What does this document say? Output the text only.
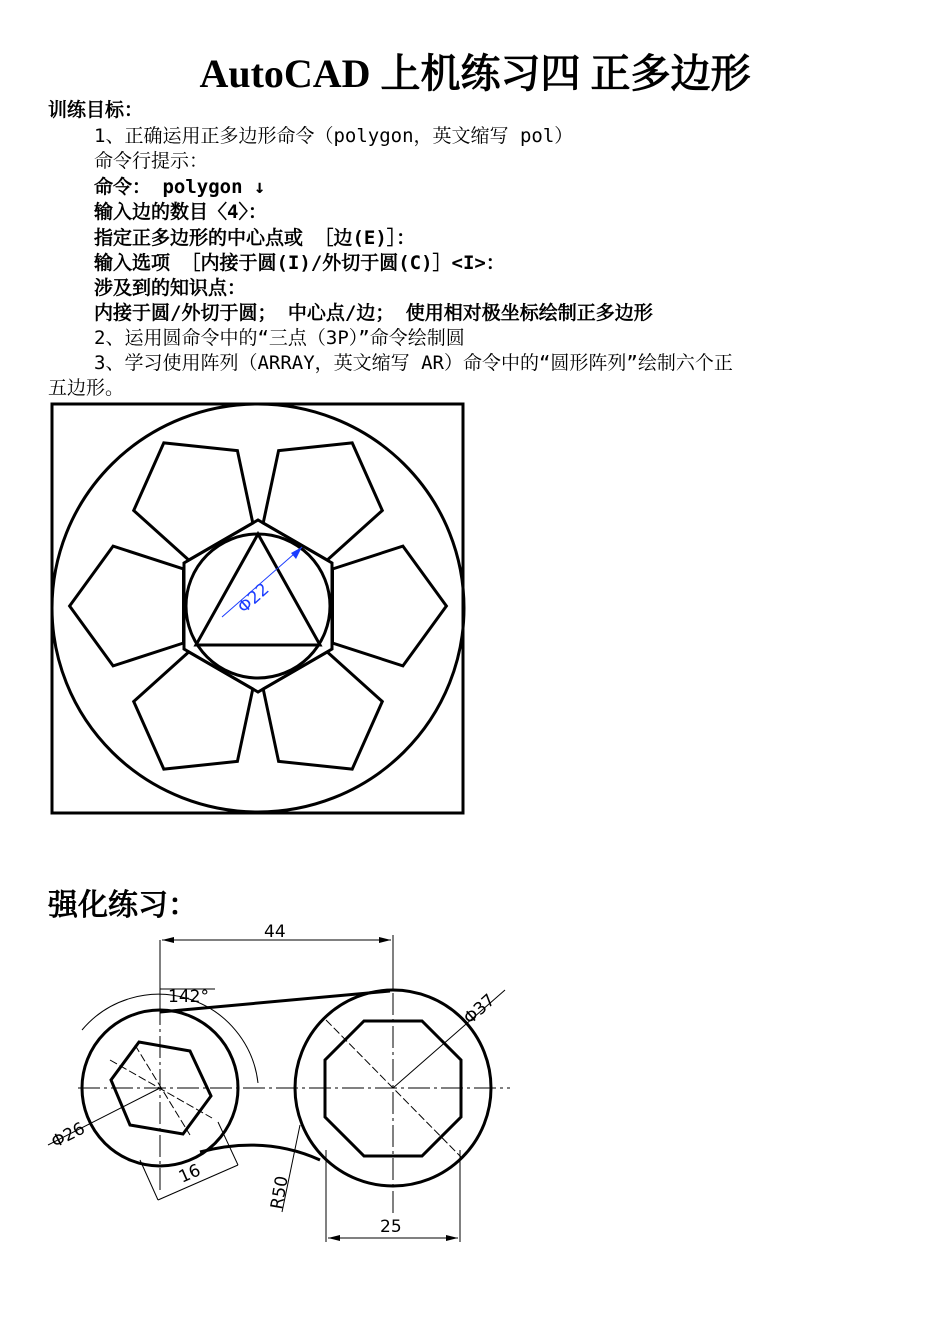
AutoCAD 上机练习四 正多边形
训练目标：
1、正确运用正多边形命令（polygon，英文缩写 pol）
命令行提示：
命令： polygon ↓
输入边的数目〈4〉：
指定正多边形的中心点或 ［边(E)］：
输入选项 ［内接于圆(I)/外切于圆(C)］<I>：
涉及到的知识点：
内接于圆/外切于圆； 中心点/边； 使用相对极坐标绘制正多边形
2、运用圆命令中的“三点（3P）”命令绘制圆
3、学习使用阵列（ARRAY，英文缩写 AR）命令中的“圆形阵列”绘制六个正
五边形。
Φ22
强化练习：
44
142°	Φ37
Φ26
16
R50
25
